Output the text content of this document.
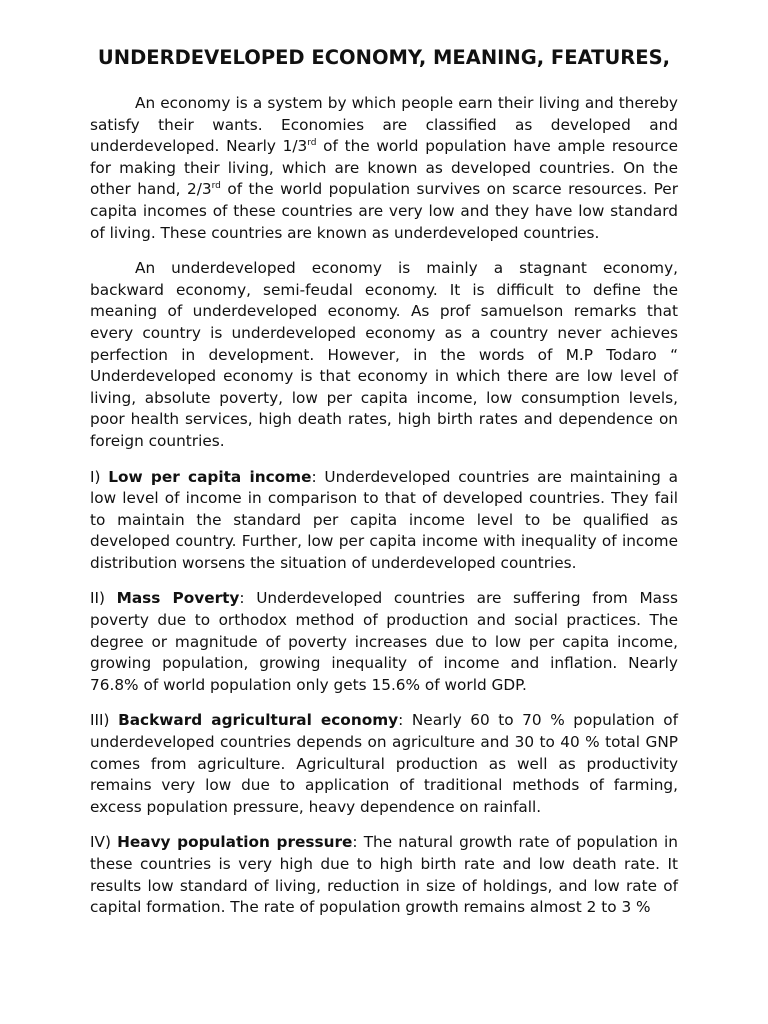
UNDERDEVELOPED ECONOMY, MEANING, FEATURES,

An economy is a system by which people earn their living and thereby satisfy their wants. Economies are classified as developed and underdeveloped. Nearly 1/3rd of the world population have ample resource for making their living, which are known as developed countries. On the other hand, 2/3rd of the world population survives on scarce resources. Per capita incomes of these countries are very low and they have low standard of living. These countries are known as underdeveloped countries.

An underdeveloped economy is mainly a stagnant economy, backward economy, semi-feudal economy. It is difficult to define the meaning of underdeveloped economy. As prof samuelson remarks that every country is underdeveloped economy as a country never achieves perfection in development. However, in the words of M.P Todaro “ Underdeveloped economy is that economy in which there are low level of living, absolute poverty, low per capita income, low consumption levels, poor health services, high death rates, high birth rates and dependence on foreign countries.

I) Low per capita income: Underdeveloped countries are maintaining a low level of income in comparison to that of developed countries. They fail to maintain the standard per capita income level to be qualified as developed country. Further, low per capita income with inequality of income distribution worsens the situation of underdeveloped countries.

II) Mass Poverty: Underdeveloped countries are suffering from Mass poverty due to orthodox method of production and social practices. The degree or magnitude of poverty increases due to low per capita income, growing population, growing inequality of income and inflation. Nearly 76.8% of world population only gets 15.6% of world GDP.

III) Backward agricultural economy: Nearly 60 to 70 % population of underdeveloped countries depends on agriculture and 30 to 40 % total GNP comes from agriculture. Agricultural production as well as productivity remains very low due to application of traditional methods of farming, excess population pressure, heavy dependence on rainfall.

IV) Heavy population pressure: The natural growth rate of population in these countries is very high due to high birth rate and low death rate. It results low standard of living, reduction in size of holdings, and low rate of capital formation. The rate of population growth remains almost 2 to 3 %
